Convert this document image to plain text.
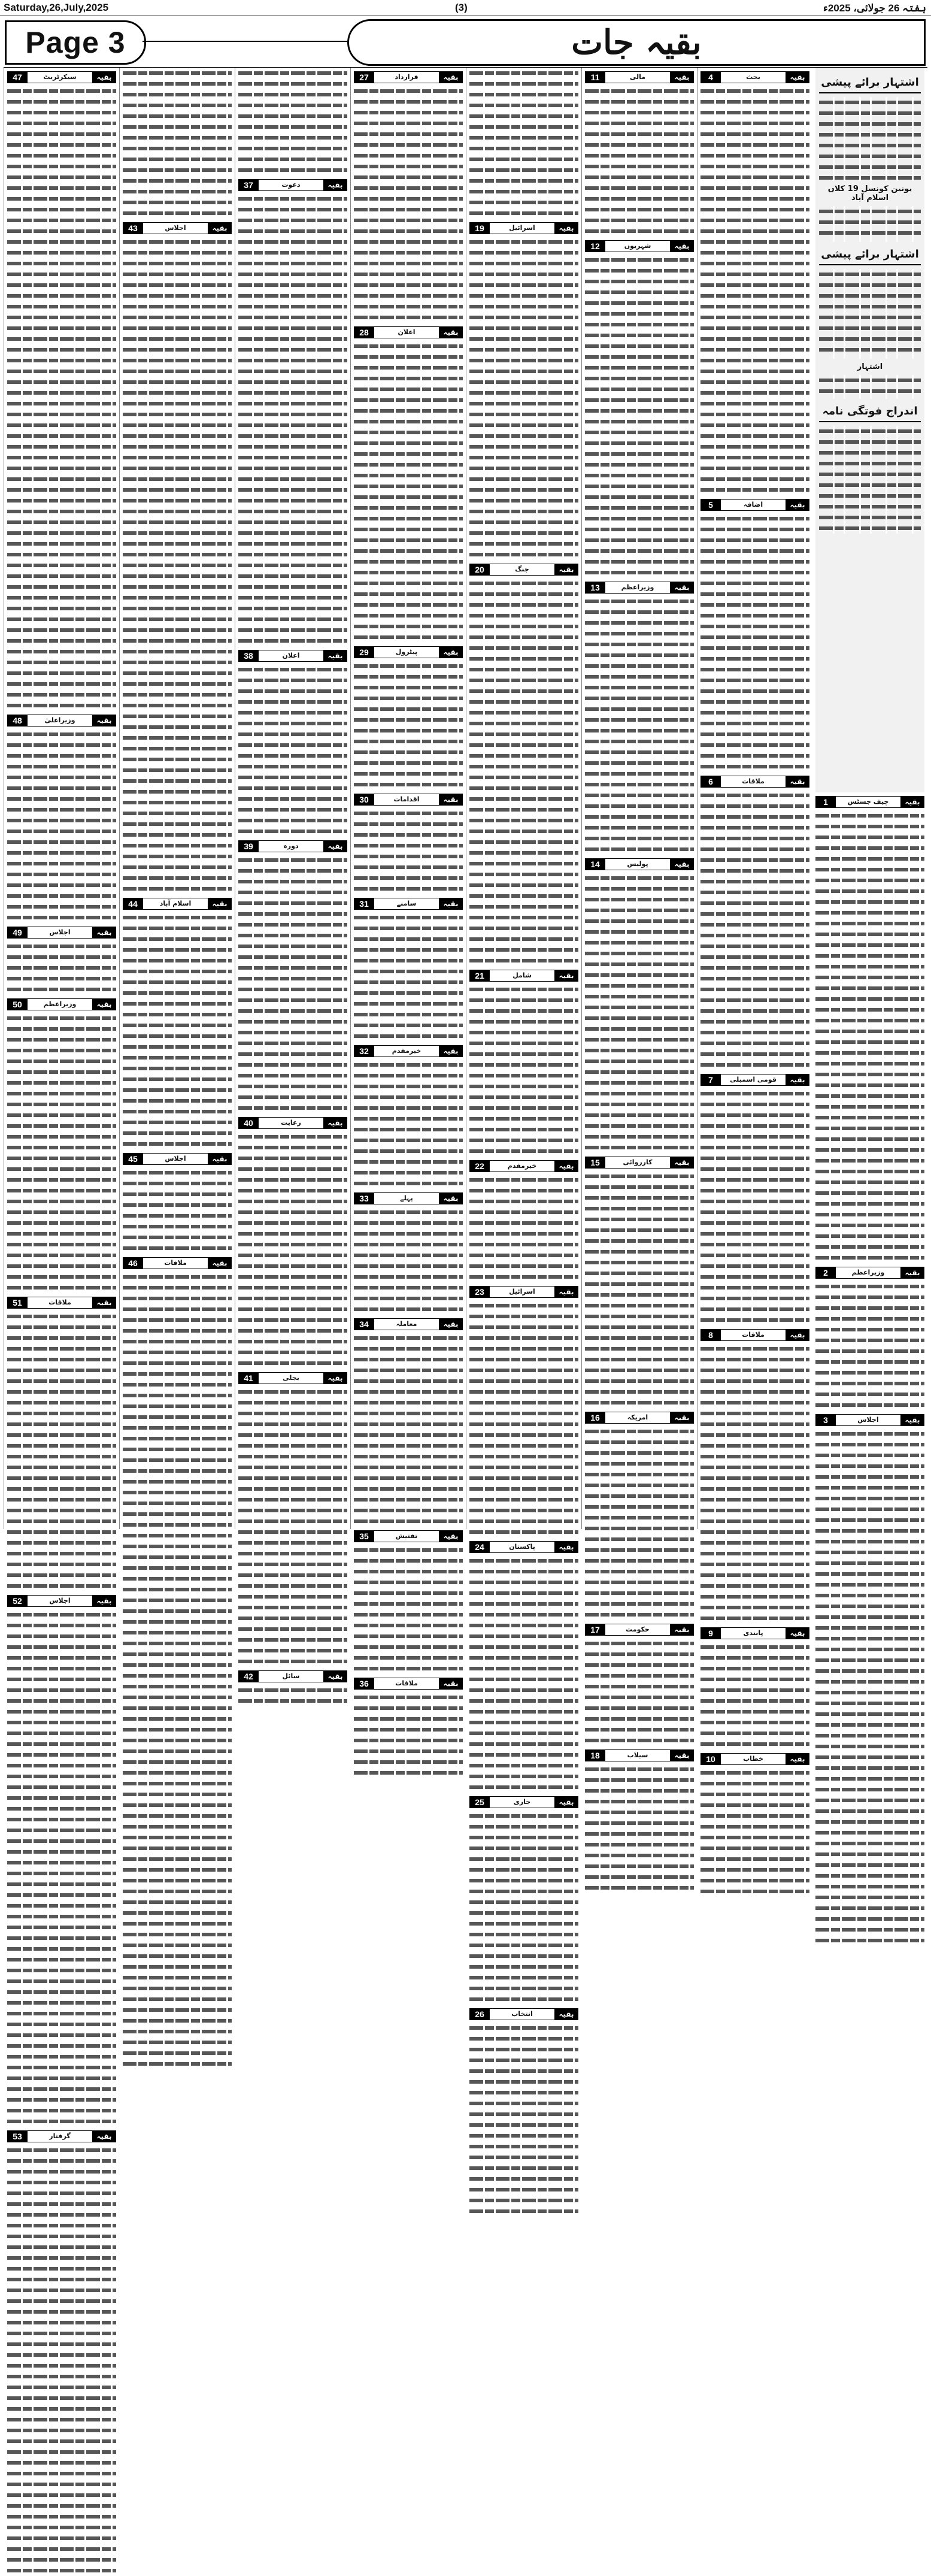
Saturday,26,July,2025	(3)	ہفتہ 26 جولائی، 2025ء
Page 3	بقیہ جات
47	سیکرٹریٹ	بقیہ
48	وزیراعلیٰ	بقیہ
49	اجلاس	بقیہ
50	وزیراعظم	بقیہ
51	ملاقات	بقیہ
52	اجلاس	بقیہ
53	گرفتار	بقیہ
43	اجلاس	بقیہ
44	اسلام آباد	بقیہ
45	اجلاس	بقیہ
46	ملاقات	بقیہ
37	دعوت	بقیہ
38	اعلان	بقیہ
39	دورہ	بقیہ
40	رعایت	بقیہ
41	بجلی	بقیہ
42	سائل	بقیہ
27	قرارداد	بقیہ
28	اعلان	بقیہ
29	پیٹرول	بقیہ
30	اقدامات	بقیہ
31	سامنے	بقیہ
32	خیرمقدم	بقیہ
33	پہلے	بقیہ
34	معاملہ	بقیہ
35	تفتیش	بقیہ
36	ملاقات	بقیہ
19	اسرائیل	بقیہ
20	جنگ	بقیہ
21	شامل	بقیہ
22	خیرمقدم	بقیہ
23	اسرائیل	بقیہ
24	پاکستان	بقیہ
25	جاری	بقیہ
26	انتخاب	بقیہ
11	مالی	بقیہ
12	شہریوں	بقیہ
13	وزیراعظم	بقیہ
14	پولیس	بقیہ
15	کارروائی	بقیہ
16	امریکہ	بقیہ
17	حکومت	بقیہ
18	سیلاب	بقیہ
4	بحث	بقیہ
5	اضافہ	بقیہ
6	ملاقات	بقیہ
7	قومی اسمبلی	بقیہ
8	ملاقات	بقیہ
9	پابندی	بقیہ
10	خطاب	بقیہ
اشتہار برائے پیشی
یونین کونسل 19 کلاں اسلام آباد
اشتہار برائے پیشی
اشتہار
اندراج فوتگی نامہ
1	چیف جسٹس	بقیہ
2	وزیراعظم	بقیہ
3	اجلاس	بقیہ
